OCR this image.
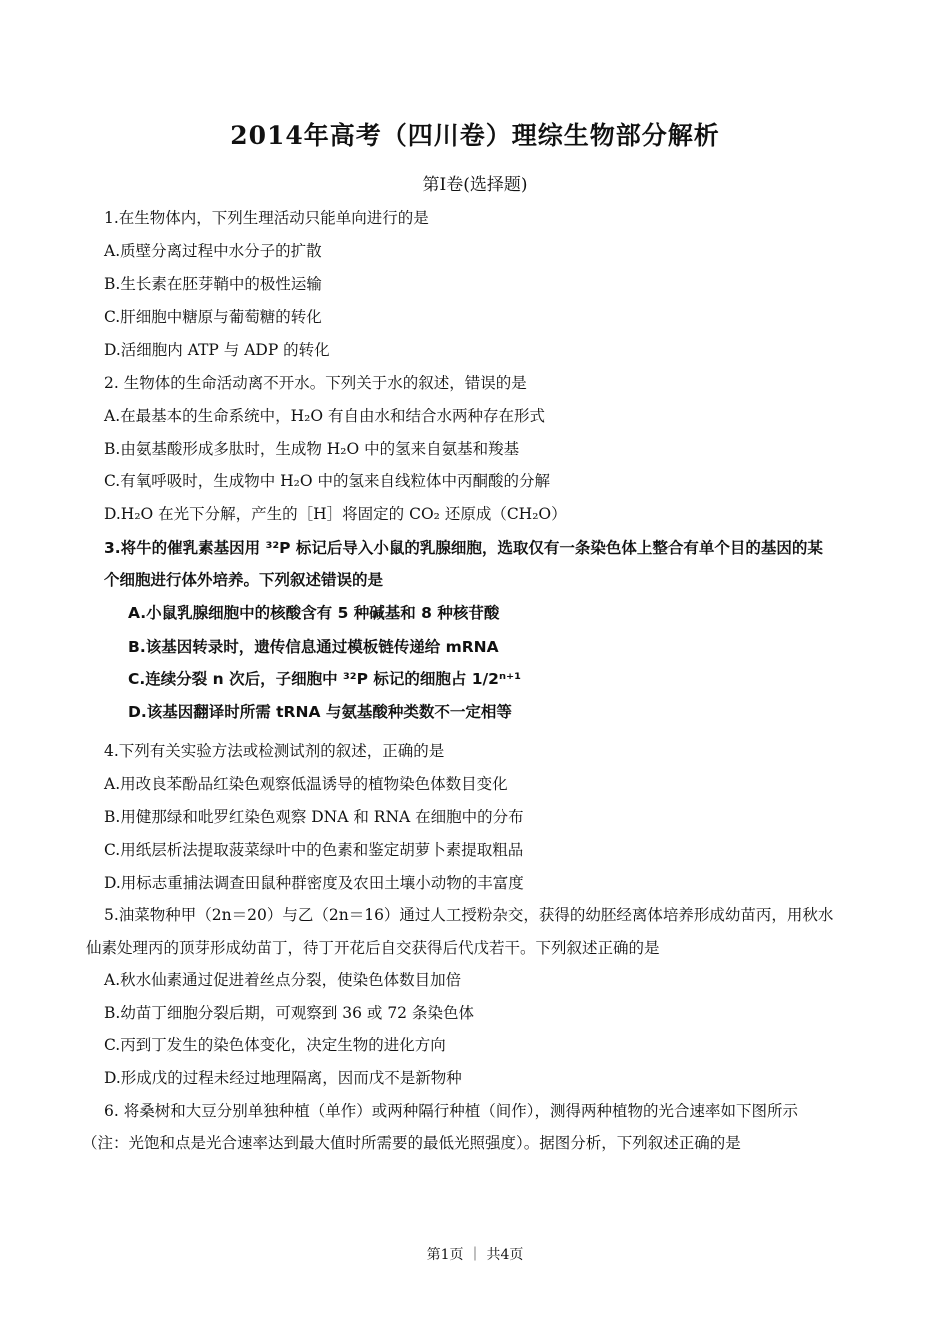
2014年高考（四川卷）理综生物部分解析
第I卷(选择题)
1.在生物体内，下列生理活动只能单向进行的是
A.质壁分离过程中水分子的扩散
B.生长素在胚芽鞘中的极性运输
C.肝细胞中糖原与葡萄糖的转化
D.活细胞内 ATP 与 ADP 的转化
2. 生物体的生命活动离不开水。下列关于水的叙述，错误的是
A.在最基本的生命系统中，H₂O 有自由水和结合水两种存在形式
B.由氨基酸形成多肽时，生成物 H₂O 中的氢来自氨基和羧基
C.有氧呼吸时，生成物中 H₂O 中的氢来自线粒体中丙酮酸的分解
D.H₂O 在光下分解，产生的［H］将固定的 CO₂ 还原成（CH₂O）
3.将牛的催乳素基因用 ³²P 标记后导入小鼠的乳腺细胞，选取仅有一条染色体上整合有单个目的基因的某
个细胞进行体外培养。下列叙述错误的是
A.小鼠乳腺细胞中的核酸含有 5 种碱基和 8 种核苷酸
B.该基因转录时，遗传信息通过模板链传递给 mRNA
C.连续分裂 n 次后，子细胞中 ³²P 标记的细胞占 1/2ⁿ⁺¹
D.该基因翻译时所需 tRNA 与氨基酸种类数不一定相等
4.下列有关实验方法或检测试剂的叙述，正确的是
A.用改良苯酚品红染色观察低温诱导的植物染色体数目变化
B.用健那绿和吡罗红染色观察 DNA 和 RNA 在细胞中的分布
C.用纸层析法提取菠菜绿叶中的色素和鉴定胡萝卜素提取粗品
D.用标志重捕法调查田鼠种群密度及农田土壤小动物的丰富度
5.油菜物种甲（2n＝20）与乙（2n＝16）通过人工授粉杂交，获得的幼胚经离体培养形成幼苗丙，用秋水
仙素处理丙的顶芽形成幼苗丁，待丁开花后自交获得后代戊若干。下列叙述正确的是
A.秋水仙素通过促进着丝点分裂，使染色体数目加倍
B.幼苗丁细胞分裂后期，可观察到 36 或 72 条染色体
C.丙到丁发生的染色体变化，决定生物的进化方向
D.形成戊的过程未经过地理隔离，因而戊不是新物种
6. 将桑树和大豆分别单独种植（单作）或两种隔行种植（间作），测得两种植物的光合速率如下图所示
（注：光饱和点是光合速率达到最大值时所需要的最低光照强度）。据图分析，下列叙述正确的是
第1页 ｜ 共4页
